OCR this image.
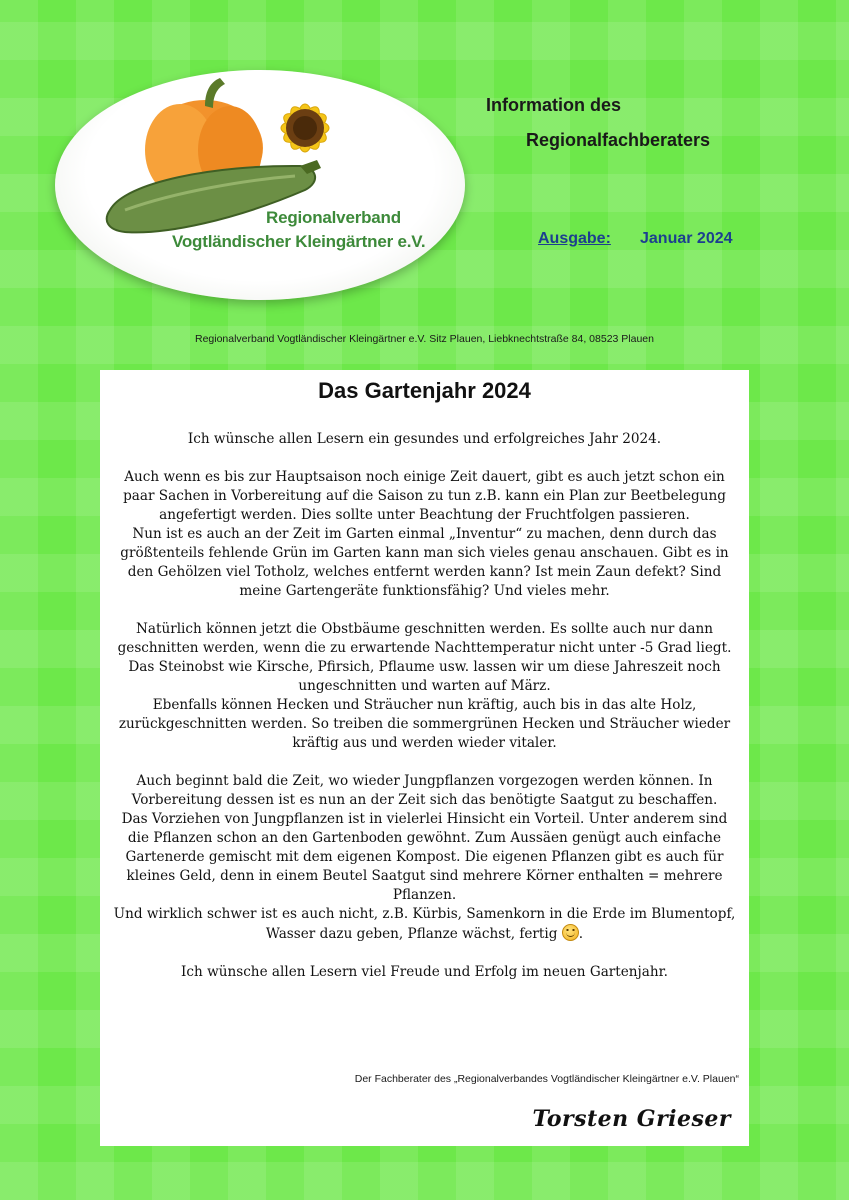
Regionalverband
Vogtländischer Kleingärtner e.V.
Information des
Regionalfachberaters
Ausgabe: Januar 2024
Regionalverband Vogtländischer Kleingärtner e.V. Sitz Plauen, Liebknechtstraße 84, 08523 Plauen
Das Gartenjahr 2024

Ich wünsche allen Lesern ein gesundes und erfolgreiches Jahr 2024.

Auch wenn es bis zur Hauptsaison noch einige Zeit dauert, gibt es auch jetzt schon ein paar Sachen in Vorbereitung auf die Saison zu tun z.B. kann ein Plan zur Beetbelegung angefertigt werden. Dies sollte unter Beachtung der Fruchtfolgen passieren.

Nun ist es auch an der Zeit im Garten einmal „Inventur“ zu machen, denn durch das größtenteils fehlende Grün im Garten kann man sich vieles genau anschauen. Gibt es in den Gehölzen viel Totholz, welches entfernt werden kann? Ist mein Zaun defekt? Sind meine Gartengeräte funktionsfähig? Und vieles mehr.

Natürlich können jetzt die Obstbäume geschnitten werden. Es sollte auch nur dann geschnitten werden, wenn die zu erwartende Nachttemperatur nicht unter -5 Grad liegt. Das Steinobst wie Kirsche, Pfirsich, Pflaume usw. lassen wir um diese Jahreszeit noch ungeschnitten und warten auf März.

Ebenfalls können Hecken und Sträucher nun kräftig, auch bis in das alte Holz, zurückgeschnitten werden. So treiben die sommergrünen Hecken und Sträucher wieder kräftig aus und werden wieder vitaler.

Auch beginnt bald die Zeit, wo wieder Jungpflanzen vorgezogen werden können. In Vorbereitung dessen ist es nun an der Zeit sich das benötigte Saatgut zu beschaffen.

Das Vorziehen von Jungpflanzen ist in vielerlei Hinsicht ein Vorteil. Unter anderem sind die Pflanzen schon an den Gartenboden gewöhnt. Zum Aussäen genügt auch einfache Gartenerde gemischt mit dem eigenen Kompost. Die eigenen Pflanzen gibt es auch für kleines Geld, denn in einem Beutel Saatgut sind mehrere Körner enthalten = mehrere Pflanzen.

Und wirklich schwer ist es auch nicht, z.B. Kürbis, Samenkorn in die Erde im Blumentopf, Wasser dazu geben, Pflanze wächst, fertig .

Ich wünsche allen Lesern viel Freude und Erfolg im neuen Gartenjahr.

Der Fachberater des „Regionalverbandes Vogtländischer Kleingärtner e.V. Plauen“
Torsten Grieser
